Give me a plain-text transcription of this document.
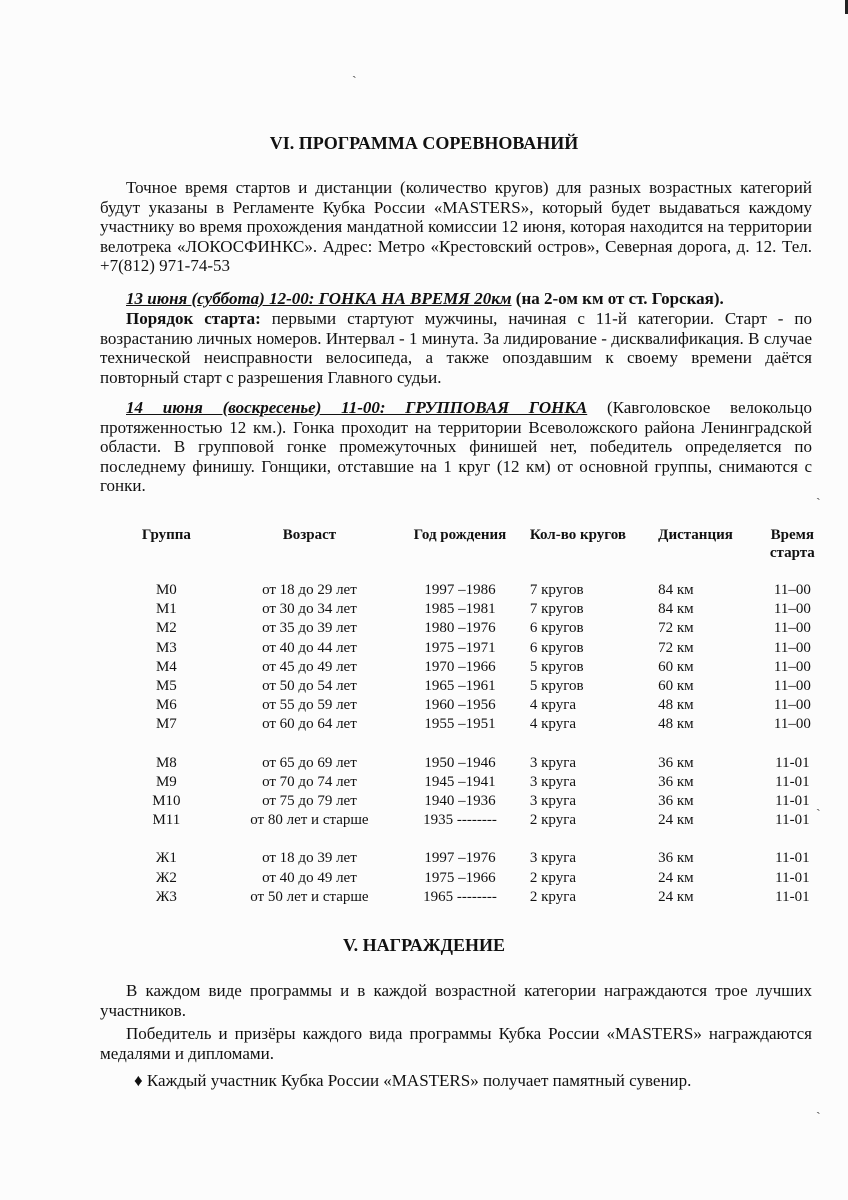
ˏ
VI. ПРОГРАММА СОРЕВНОВАНИЙ

Точное время стартов и дистанции (количество кругов) для разных возрастных категорий будут указаны в Регламенте Кубка России «MASTERS», который будет выдаваться каждому участнику во время прохождения мандатной комиссии 12 июня, которая находится на территории велотрека «ЛОКОСФИНКС». Адрес: Метро «Крестовский остров», Северная дорога, д. 12. Тел. +7(812) 971-74-53

13 июня (суббота) 12-00: ГОНКА НА ВРЕМЯ 20км (на 2-ом км от ст. Горская).

Порядок старта: первыми стартуют мужчины, начиная с 11-й категории. Старт - по возрастанию личных номеров. Интервал - 1 минута. За лидирование - дисквалификация. В случае технической неисправности велосипеда, а также опоздавшим к своему времени даётся повторный старт с разрешения Главного судьи.

14 июня (воскресенье) 11-00: ГРУППОВАЯ ГОНКА (Кавголовское велокольцо протяженностью 12 км.). Гонка проходит на территории Всеволожского района Ленинградской области. В групповой гонке промежуточных финишей нет, победитель определяется по последнему финишу. Гонщики, отставшие на 1 круг (12 км) от основной группы, снимаются с гонки.

Группа	Возраст	Год рождения	Кол-во кругов	Дистанция	Время старта

М0	от 18 до 29 лет	1997 –1986	7 кругов	84 км	11–00
М1	от 30 до 34 лет	1985 –1981	7 кругов	84 км	11–00
М2	от 35 до 39 лет	1980 –1976	6 кругов	72 км	11–00
М3	от 40 до 44 лет	1975 –1971	6 кругов	72 км	11–00
М4	от 45 до 49 лет	1970 –1966	5 кругов	60 км	11–00
М5	от 50 до 54 лет	1965 –1961	5 кругов	60 км	11–00
М6	от 55 до 59 лет	1960 –1956	4 круга	48 км	11–00
М7	от 60 до 64 лет	1955 –1951	4 круга	48 км	11–00

М8	от 65 до 69 лет	1950 –1946	3 круга	36 км	11-01
М9	от 70 до 74 лет	1945 –1941	3 круга	36 км	11-01
М10	от 75 до 79 лет	1940 –1936	3 круга	36 км	11-01
М11	от 80 лет и старше	1935 --------	2 круга	24 км	11-01

Ж1	от 18 до 39 лет	1997 –1976	3 круга	36 км	11-01
Ж2	от 40 до 49 лет	1975 –1966	2 круга	24 км	11-01
Ж3	от 50 лет и старше	1965 --------	2 круга	24 км	11-01
V. НАГРАЖДЕНИЕ

В каждом виде программы и в каждой возрастной категории награждаются трое лучших участников.

Победитель и призёры каждого вида программы Кубка России «MASTERS» награждаются медалями и дипломами.

♦ Каждый участник Кубка России «MASTERS» получает памятный сувенир.

ˎ
ˎ
ˎ
